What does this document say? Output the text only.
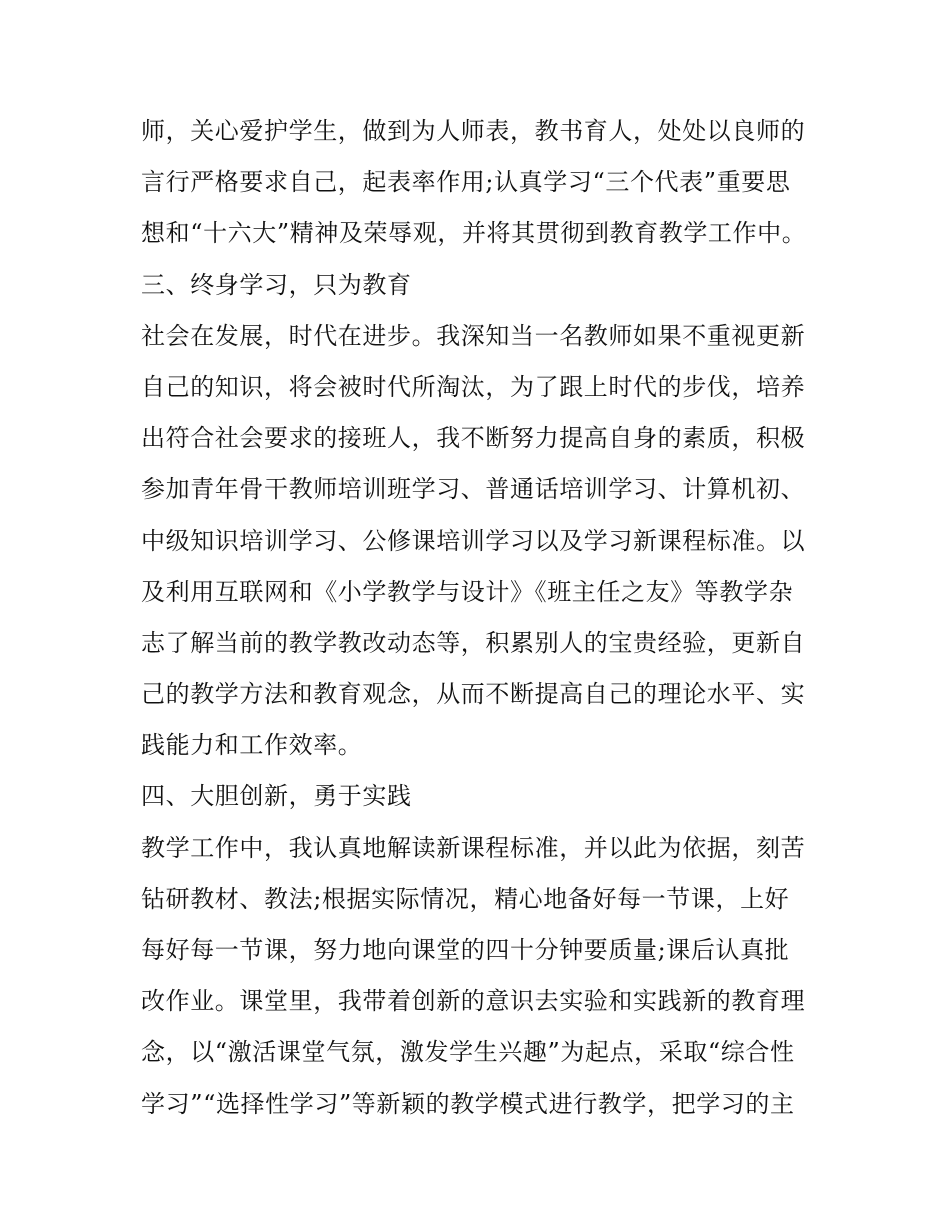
师，关心爱护学生，做到为人师表，教书育人，处处以良师的
言行严格要求自己，起表率作用;认真学习“三个代表”重要思
想和“十六大”精神及荣辱观，并将其贯彻到教育教学工作中。
三、终身学习，只为教育
社会在发展，时代在进步。我深知当一名教师如果不重视更新
自己的知识，将会被时代所淘汰，为了跟上时代的步伐，培养
出符合社会要求的接班人，我不断努力提高自身的素质，积极
参加青年骨干教师培训班学习、普通话培训学习、计算机初、
中级知识培训学习、公修课培训学习以及学习新课程标准。以
及利用互联网和《小学教学与设计》《班主任之友》等教学杂
志了解当前的教学教改动态等，积累别人的宝贵经验，更新自
己的教学方法和教育观念，从而不断提高自己的理论水平、实
践能力和工作效率。
四、大胆创新，勇于实践
教学工作中，我认真地解读新课程标准，并以此为依据，刻苦
钻研教材、教法;根据实际情况，精心地备好每一节课，上好
每好每一节课，努力地向课堂的四十分钟要质量;课后认真批
改作业。课堂里，我带着创新的意识去实验和实践新的教育理
念，以“激活课堂气氛，激发学生兴趣”为起点，采取“综合性
学习”“选择性学习”等新颖的教学模式进行教学，把学习的主
